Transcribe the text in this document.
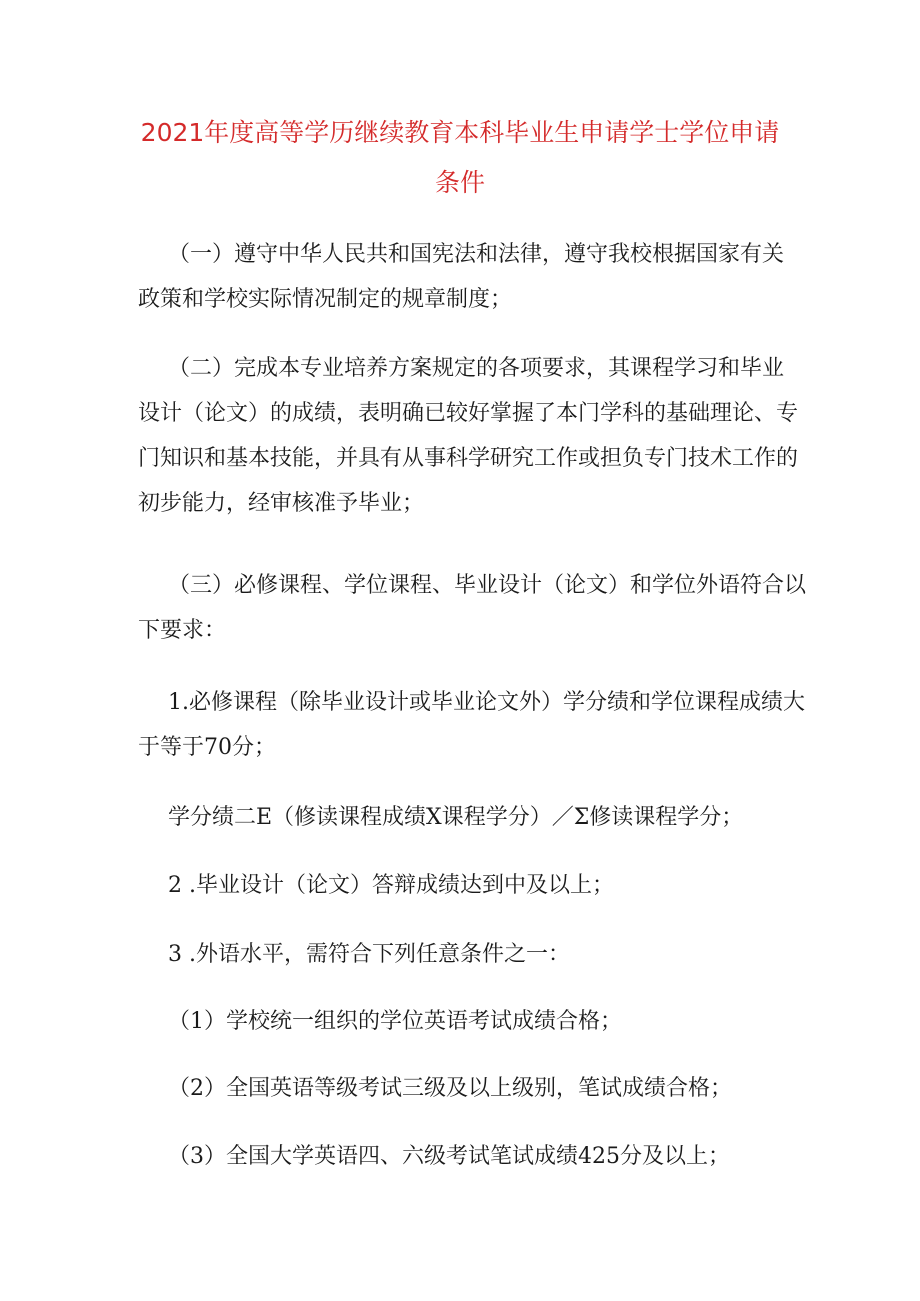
2021年度高等学历继续教育本科毕业生申请学士学位申请
条件

（一）遵守中华人民共和国宪法和法律，遵守我校根据国家有关
政策和学校实际情况制定的规章制度；

（二）完成本专业培养方案规定的各项要求，其课程学习和毕业
设计（论文）的成绩，表明确已较好掌握了本门学科的基础理论、专
门知识和基本技能，并具有从事科学研究工作或担负专门技术工作的
初步能力，经审核准予毕业；

（三）必修课程、学位课程、毕业设计（论文）和学位外语符合以
下要求：

1.必修课程（除毕业设计或毕业论文外）学分绩和学位课程成绩大
于等于70分；

学分绩二E（修读课程成绩X课程学分）／Σ修读课程学分；

2 .毕业设计（论文）答辩成绩达到中及以上；

3 .外语水平，需符合下列任意条件之一：

（1）学校统一组织的学位英语考试成绩合格；

（2）全国英语等级考试三级及以上级别，笔试成绩合格；

（3）全国大学英语四、六级考试笔试成绩425分及以上；
